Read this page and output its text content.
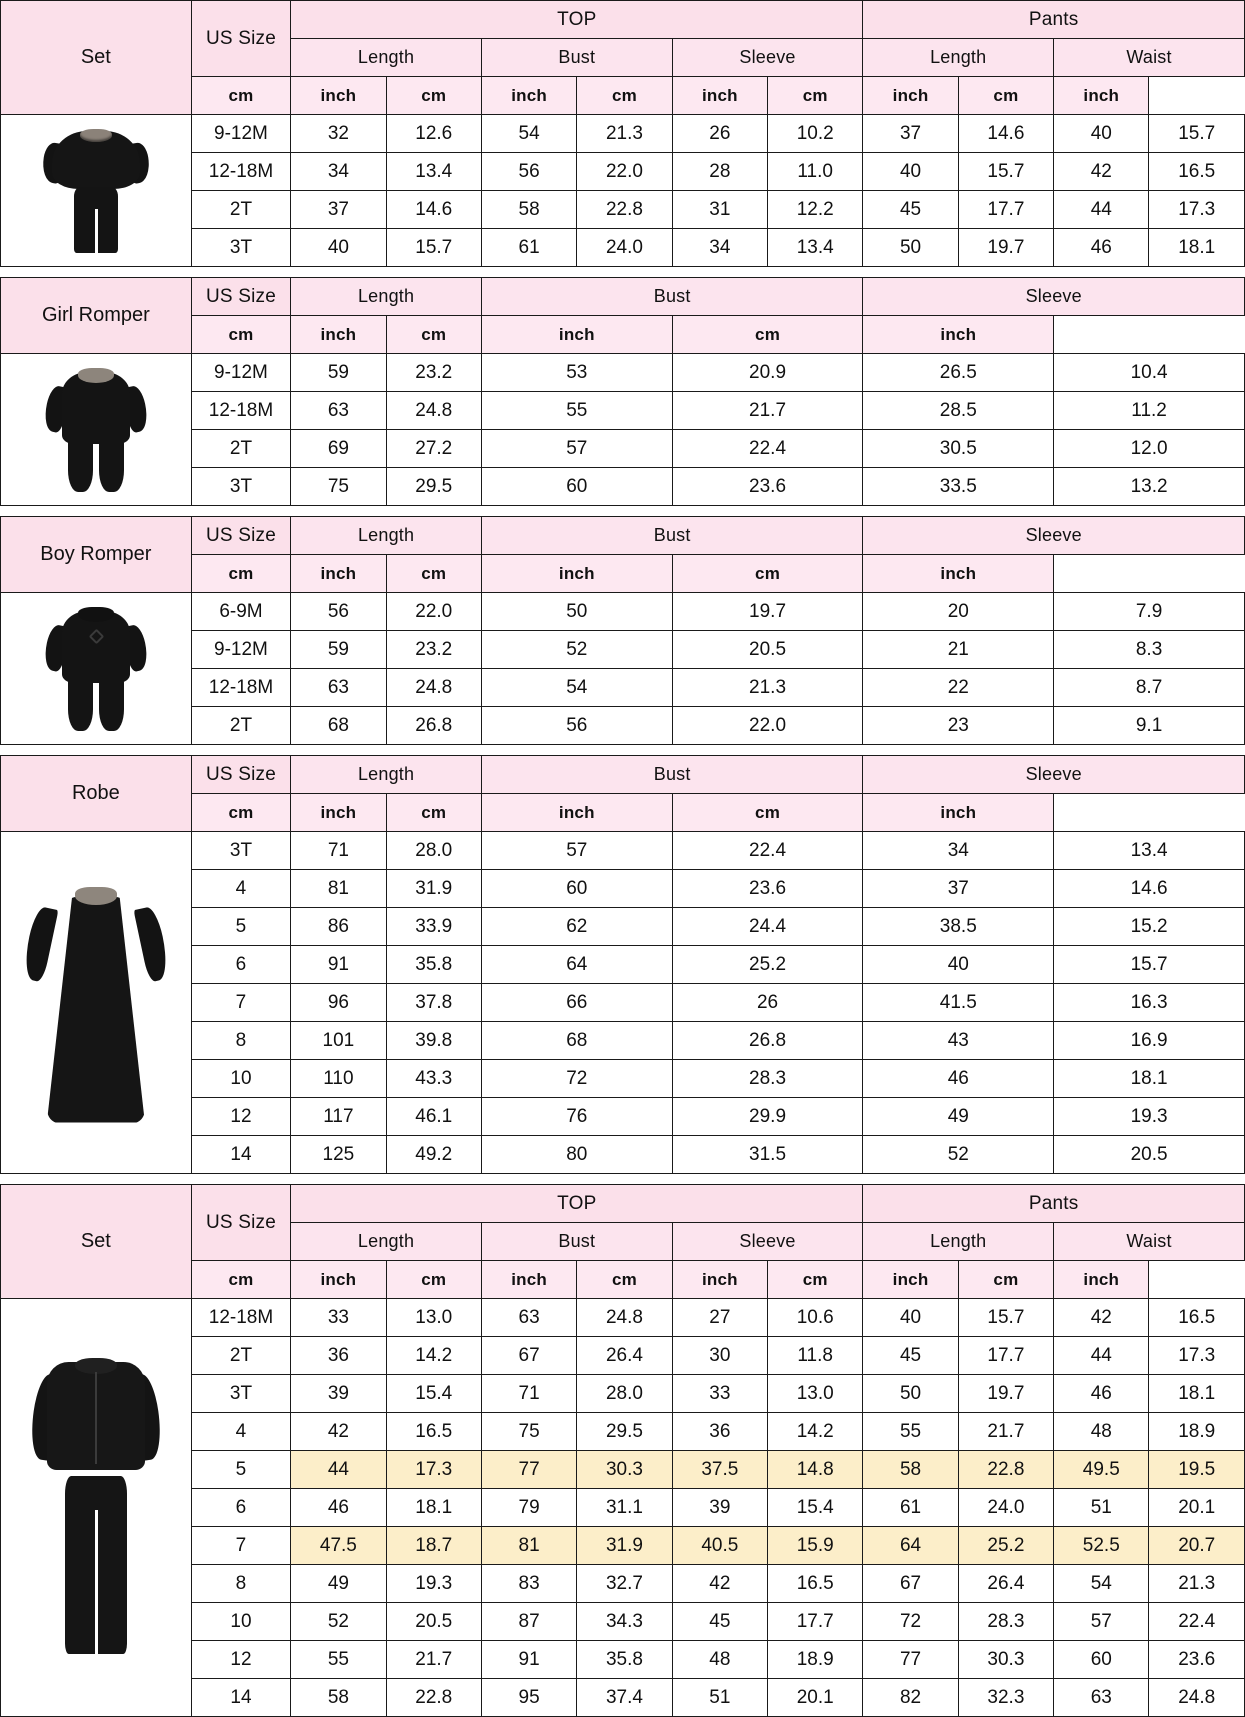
Set	US Size	TOP						Pants			
		Length		Bust		Sleeve		Length		Waist	
	cm	inch	cm	inch	cm	inch	cm	inch	cm	inch	

	9-12M	32	12.6	54	21.3	26	10.2	37	14.6	40	15.7
	12-18M	34	13.4	56	22.0	28	11.0	40	15.7	42	16.5
	2T	37	14.6	58	22.8	31	12.2	45	17.7	44	17.3
	3T	40	15.7	61	24.0	34	13.4	50	19.7	46	18.1
Girl Romper	US Size	Length		Bust		Sleeve	

	cm	inch	cm	inch	cm	inch	

	9-12M	59	23.2	53	20.9	26.5	10.4
	12-18M	63	24.8	55	21.7	28.5	11.2
	2T	69	27.2	57	22.4	30.5	12.0
	3T	75	29.5	60	23.6	33.5	13.2
Boy Romper	US Size	Length		Bust		Sleeve	

	cm	inch	cm	inch	cm	inch	

	6-9M	56	22.0	50	19.7	20	7.9
	9-12M	59	23.2	52	20.5	21	8.3
	12-18M	63	24.8	54	21.3	22	8.7
	2T	68	26.8	56	22.0	23	9.1
Robe	US Size	Length		Bust		Sleeve	

	cm	inch	cm	inch	cm	inch	

	3T	71	28.0	57	22.4	34	13.4
	4	81	31.9	60	23.6	37	14.6
	5	86	33.9	62	24.4	38.5	15.2
	6	91	35.8	64	25.2	40	15.7
	7	96	37.8	66	26	41.5	16.3
	8	101	39.8	68	26.8	43	16.9
	10	110	43.3	72	28.3	46	18.1
	12	117	46.1	76	29.9	49	19.3
	14	125	49.2	80	31.5	52	20.5
Set	US Size	TOP						Pants			
		Length		Bust		Sleeve		Length		Waist	
	cm	inch	cm	inch	cm	inch	cm	inch	cm	inch	

	12-18M	33	13.0	63	24.8	27	10.6	40	15.7	42	16.5
	2T	36	14.2	67	26.4	30	11.8	45	17.7	44	17.3
	3T	39	15.4	71	28.0	33	13.0	50	19.7	46	18.1
	4	42	16.5	75	29.5	36	14.2	55	21.7	48	18.9
	5	44	17.3	77	30.3	37.5	14.8	58	22.8	49.5	19.5
	6	46	18.1	79	31.1	39	15.4	61	24.0	51	20.1
	7	47.5	18.7	81	31.9	40.5	15.9	64	25.2	52.5	20.7
	8	49	19.3	83	32.7	42	16.5	67	26.4	54	21.3
	10	52	20.5	87	34.3	45	17.7	72	28.3	57	22.4
	12	55	21.7	91	35.8	48	18.9	77	30.3	60	23.6
	14	58	22.8	95	37.4	51	20.1	82	32.3	63	24.8
